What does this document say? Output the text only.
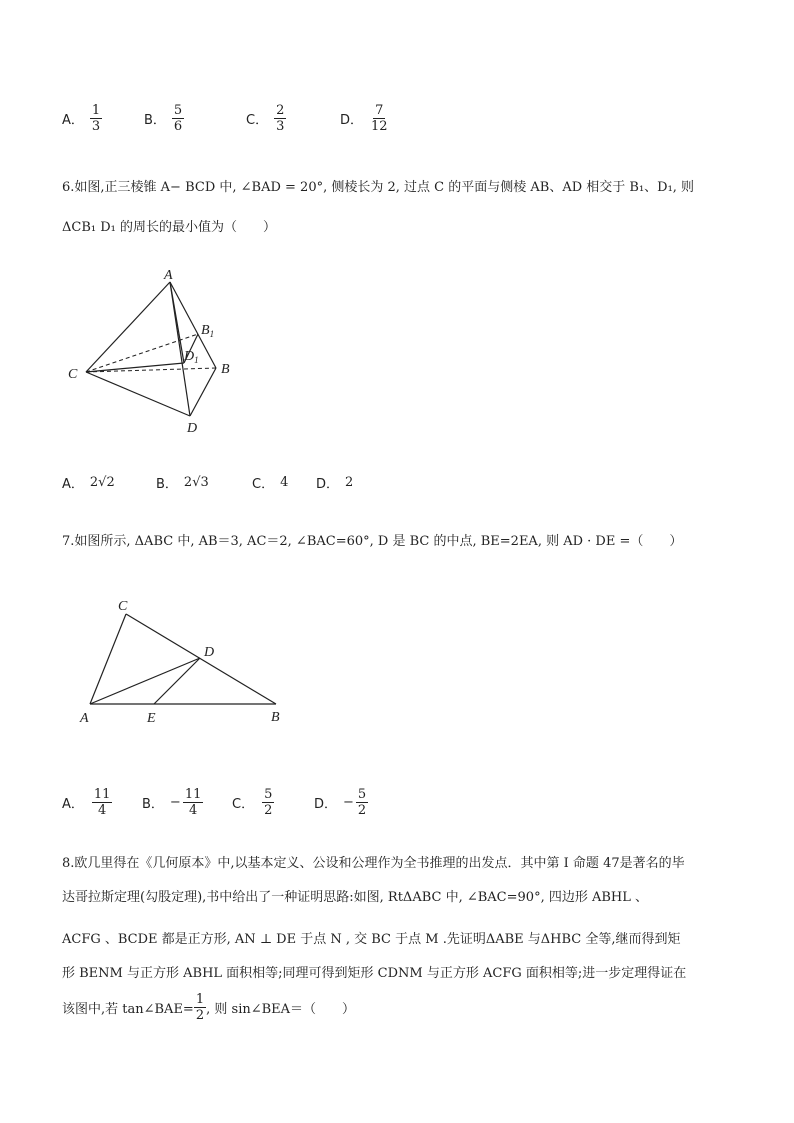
A． $\frac{1}{3}$	B． $\frac{5}{6}$	C． $\frac{2}{3}$	D． $\frac{7}{12}$
6.如图,正三棱锥 A− BCD 中, ∠BAD = 20°, 侧棱长为 2, 过点 C 的平面与侧棱 AB、AD 相交于 B₁、D₁, 则
ΔCB₁ D₁ 的周长的最小值为（　　）
A
B
C
D
$B_1$
$D_1$
A． 2√2	B． 2√3	C． 4 D． 2
7.如图所示, ΔABC 中, AB＝3, AC＝2, ∠BAC=60°, D 是 BC 的中点, BE=2EA, 则 AD · DE =（　　）
A	B
C
D
E
A． $\frac{11}{4}$ B． − $\frac{11}{4}$ C． $\frac{5}{2}$	D． − $\frac{5}{2}$
8.欧几里得在《几何原本》中,以基本定义、公设和公理作为全书推理的出发点．其中第 I 命题 47是著名的毕
达哥拉斯定理(勾股定理),书中给出了一种证明思路:如图, RtΔABC 中, ∠BAC=90°, 四边形 ABHL 、
ACFG 、BCDE 都是正方形, AN ⊥ DE 于点 N , 交 BC 于点 M .先证明ΔABE 与ΔHBC 全等,继而得到矩
形 BENM 与正方形 ABHL 面积相等;同理可得到矩形 CDNM 与正方形 ACFG 面积相等;进一步定理得证在
该图中,若 tan∠BAE= $\frac{1}{2}$ , 则 sin∠BEA＝（　　）
